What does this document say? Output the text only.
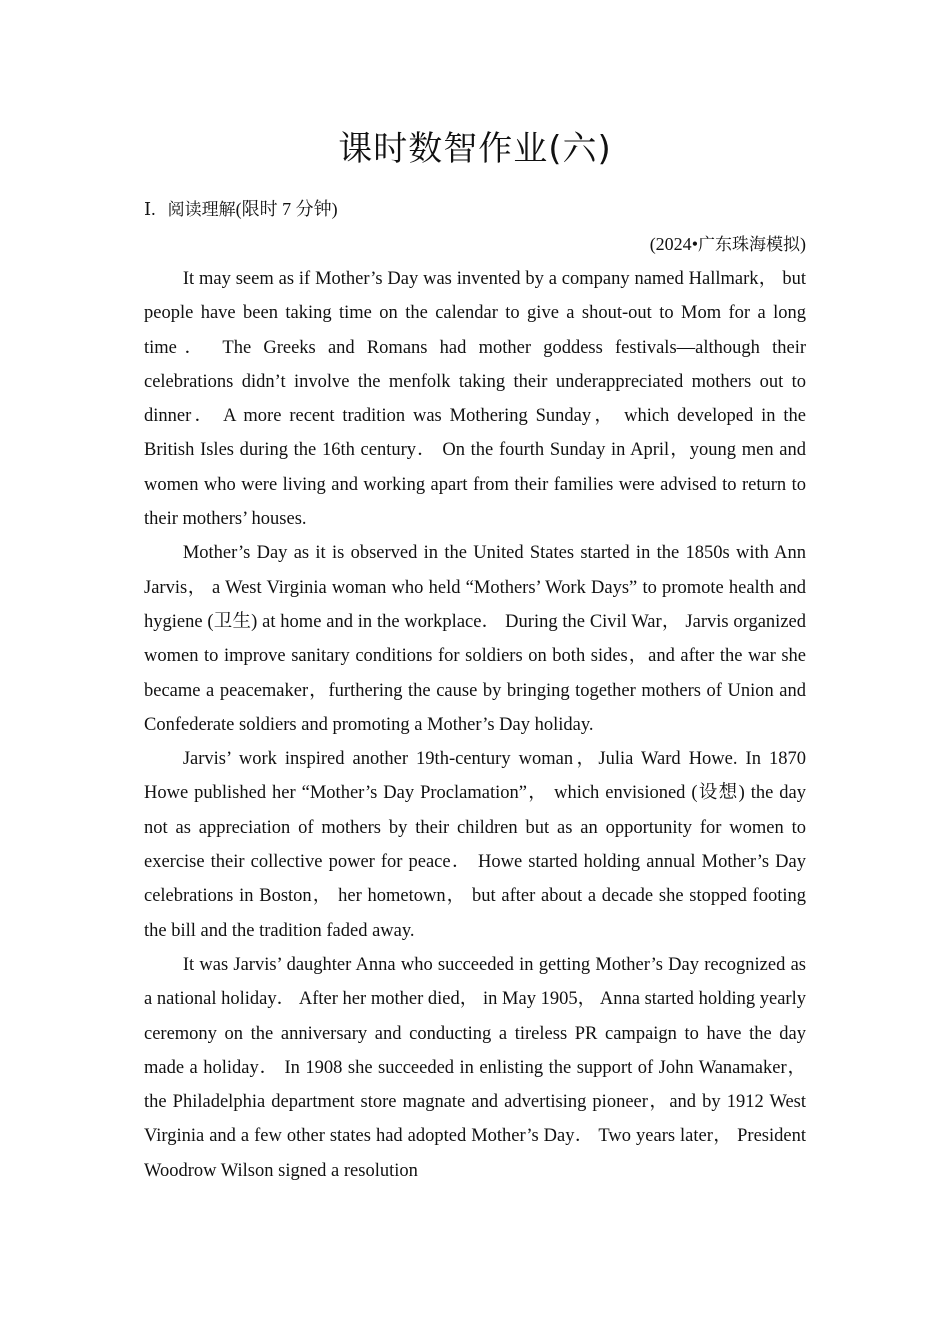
课时数智作业(六)

Ⅰ. 阅读理解(限时 7 分钟)

(2024•广东珠海模拟)

It may seem as if Mother’s Day was invented by a company named Hallmark， but people have been taking time on the calendar to give a shout-out to Mom for a long time． The Greeks and Romans had mother goddess festivals—although their celebrations didn’t involve the menfolk taking their underappreciated mothers out to dinner． A more recent tradition was Mothering Sunday， which developed in the British Isles during the 16th century． On the fourth Sunday in April，young men and women who were living and working apart from their families were advised to return to their mothers’ houses.

Mother’s Day as it is observed in the United States started in the 1850s with Ann Jarvis， a West Virginia woman who held “Mothers’ Work Days” to promote health and hygiene (卫生) at home and in the workplace． During the Civil War， Jarvis organized women to improve sanitary conditions for soldiers on both sides，and after the war she became a peacemaker，furthering the cause by bringing together mothers of Union and Confederate soldiers and promoting a Mother’s Day holiday.

Jarvis’ work inspired another 19th-century woman，Julia Ward Howe. In 1870 Howe published her “Mother’s Day Proclamation”， which envisioned (设想) the day not as appreciation of mothers by their children but as an opportunity for women to exercise their collective power for peace． Howe started holding annual Mother’s Day celebrations in Boston， her hometown， but after about a decade she stopped footing the bill and the tradition faded away.

It was Jarvis’ daughter Anna who succeeded in getting Mother’s Day recognized as a national holiday． After her mother died， in May 1905， Anna started holding yearly ceremony on the anniversary and conducting a tireless PR campaign to have the day made a holiday． In 1908 she succeeded in enlisting the support of John Wanamaker， the Philadelphia department store magnate and advertising pioneer，and by 1912 West Virginia and a few other states had adopted Mother’s Day． Two years later， President Woodrow Wilson signed a resolution
